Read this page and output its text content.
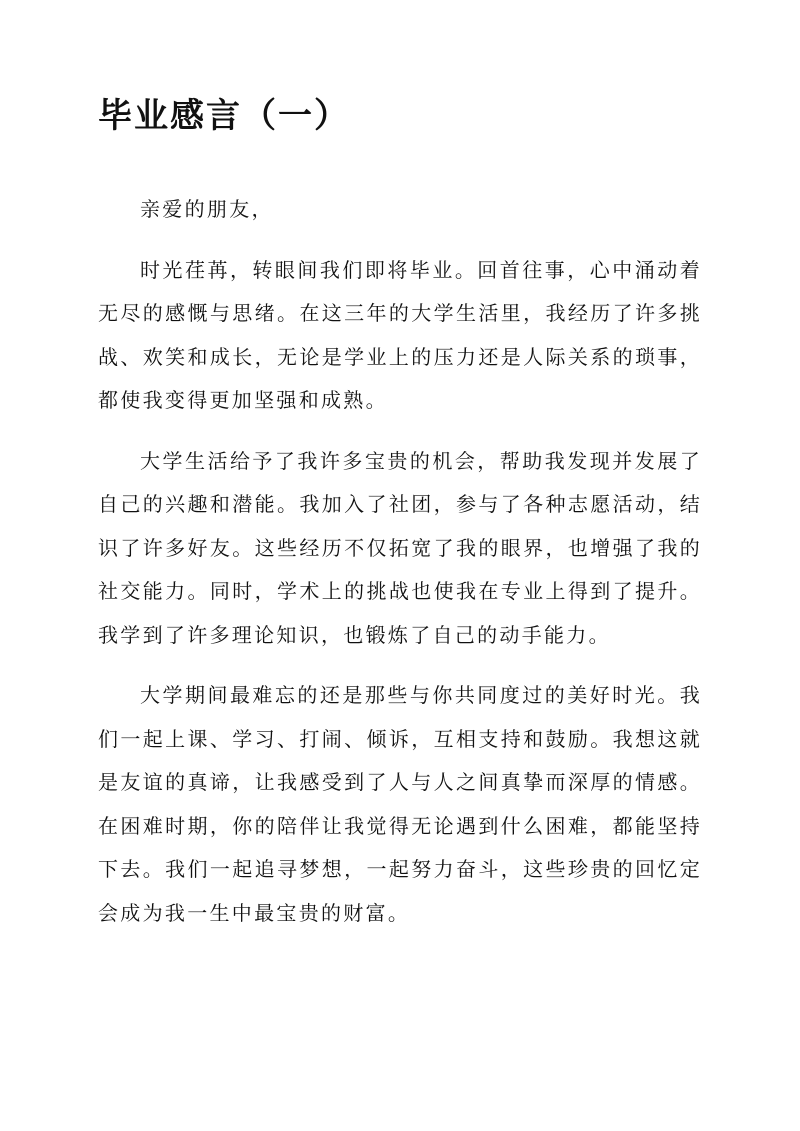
毕业感言（一）

亲爱的朋友，

时光荏苒，转眼间我们即将毕业。回首往事，心中涌动着无尽的感慨与思绪。在这三年的大学生活里，我经历了许多挑战、欢笑和成长，无论是学业上的压力还是人际关系的琐事，都使我变得更加坚强和成熟。

大学生活给予了我许多宝贵的机会，帮助我发现并发展了自己的兴趣和潜能。我加入了社团，参与了各种志愿活动，结识了许多好友。这些经历不仅拓宽了我的眼界，也增强了我的社交能力。同时，学术上的挑战也使我在专业上得到了提升。我学到了许多理论知识，也锻炼了自己的动手能力。

大学期间最难忘的还是那些与你共同度过的美好时光。我们一起上课、学习、打闹、倾诉，互相支持和鼓励。我想这就是友谊的真谛，让我感受到了人与人之间真挚而深厚的情感。在困难时期，你的陪伴让我觉得无论遇到什么困难，都能坚持下去。我们一起追寻梦想，一起努力奋斗，这些珍贵的回忆定会成为我一生中最宝贵的财富。
